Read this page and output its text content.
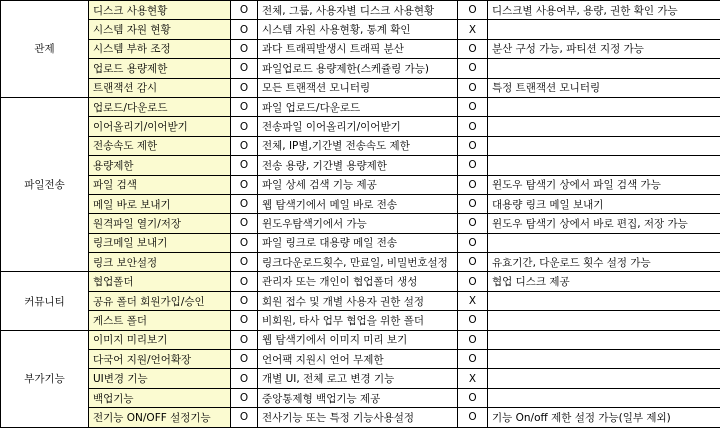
관제	디스크 사용현황	O	전체, 그룹, 사용자별 디스크 사용현황	O	디스크별 사용여부, 용량, 권한 확인 가능
	시스템 자원 현황	O	시스템 자원 사용현황, 통계 확인	X	
	시스템 부하 조정	O	과다 트래픽발생시 트래픽 분산	O	분산 구성 가능, 파티션 지정 가능
	업로드 용량제한	O	파일업로드 용량제한(스케쥴링 가능)	O	
	트랜잭션 감시	O	모든 트랜잭션 모니터링	O	특정 트랜잭션 모니터링
파일전송	업로드/다운로드	O	파일 업로드/다운로드	O	
	이어올리기/이어받기	O	전송파일 이어올리기/이어받기	O	
	전송속도 제한	O	전체, IP별,기간별 전송속도 제한	O	
	용량제한	O	전송 용량, 기간별 용량제한	O	
	파일 검색	O	파일 상세 검색 기능 제공	O	윈도우 탐색기 상에서 파일 검색 가능
	메일 바로 보내기	O	웹 탐색기에서 메일 바로 전송	O	대용량 링크 메일 보내기
	원격파일 열기/저장	O	윈도우탐색기에서 가능	O	윈도우 탐색기 상에서 바로 편집, 저장 가능
	링크메일 보내기	O	파일 링크로 대용량 메일 전송	O	
	링크 보안설정	O	링크다운로드횟수, 만료일, 비밀번호설정	O	유효기간, 다운로드 횟수 설정 가능
커뮤니티	협업폴더	O	관리자 또는 개인이 협업폴더 생성	O	협업 디스크 제공
	공유 폴더 회원가입/승인	O	회원 접수 및 개별 사용자 권한 설정	X	
	게스트 폴더	O	비회원, 타사 업무 협업을 위한 폴더	O	
부가기능	이미지 미리보기	O	웹 탐색기에서 이미지 미리 보기	O	
	다국어 지원/언어확장	O	언어팩 지원시 언어 무제한	O	
	UI변경 기능	O	개별 UI, 전체 로고 변경 기능	X	
	백업기능	O	중앙통제형 백업기능 제공	O	
	전기능 ON/OFF 설정기능	O	전사기능 또는 특정 기능사용설정	O	기능 On/off 제한 설정 가능(일부 제외)
